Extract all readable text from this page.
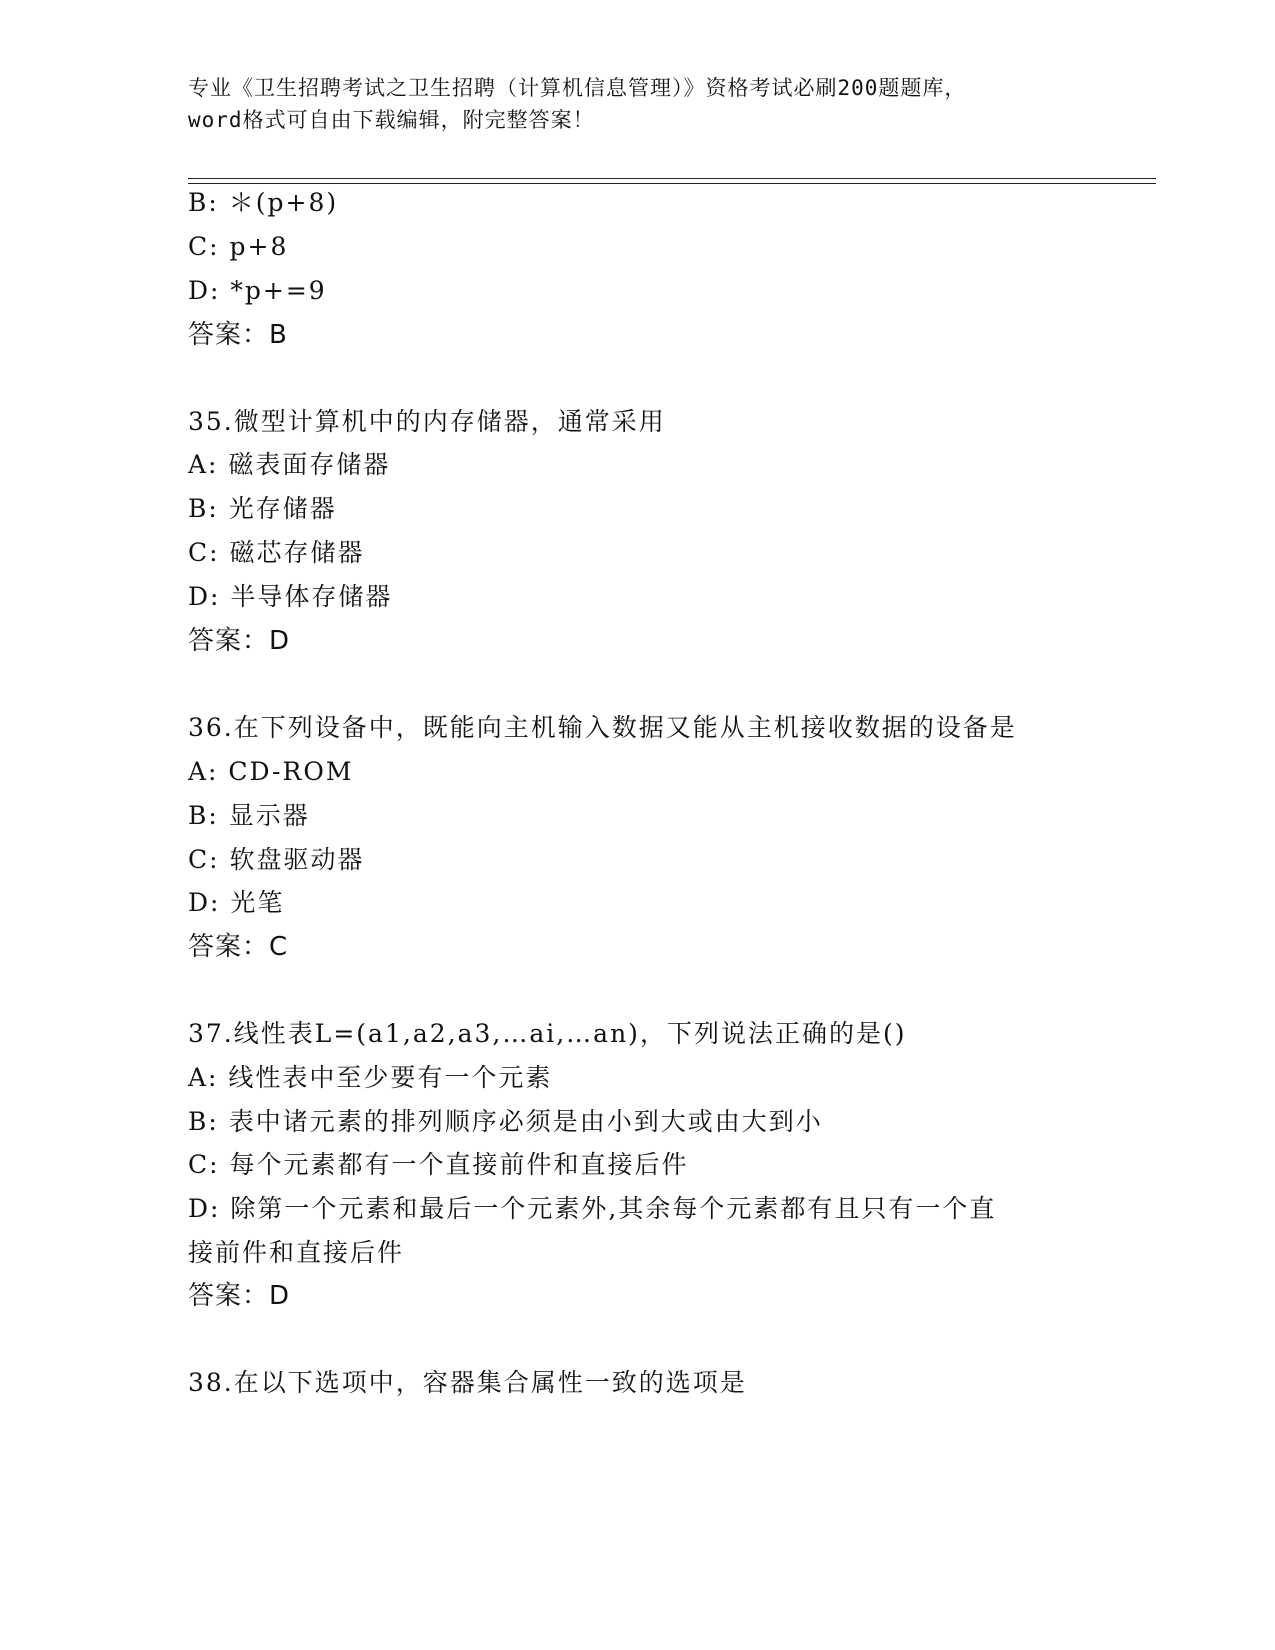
专业《卫生招聘考试之卫生招聘（计算机信息管理）》资格考试必刷200题题库，
word格式可自由下载编辑，附完整答案！
B: ＊(p+8)
C: p+8
D: *p+=9
答案：B
35.微型计算机中的内存储器，通常采用
A: 磁表面存储器
B: 光存储器
C: 磁芯存储器
D: 半导体存储器
答案：D
36.在下列设备中，既能向主机输入数据又能从主机接收数据的设备是
A: CD-ROM
B: 显示器
C: 软盘驱动器
D: 光笔
答案：C
37.线性表L=(a1,a2,a3,…ai,…an)，下列说法正确的是()
A: 线性表中至少要有一个元素
B: 表中诸元素的排列顺序必须是由小到大或由大到小
C: 每个元素都有一个直接前件和直接后件
D: 除第一个元素和最后一个元素外,其余每个元素都有且只有一个直
接前件和直接后件
答案：D
38.在以下选项中，容器集合属性一致的选项是
